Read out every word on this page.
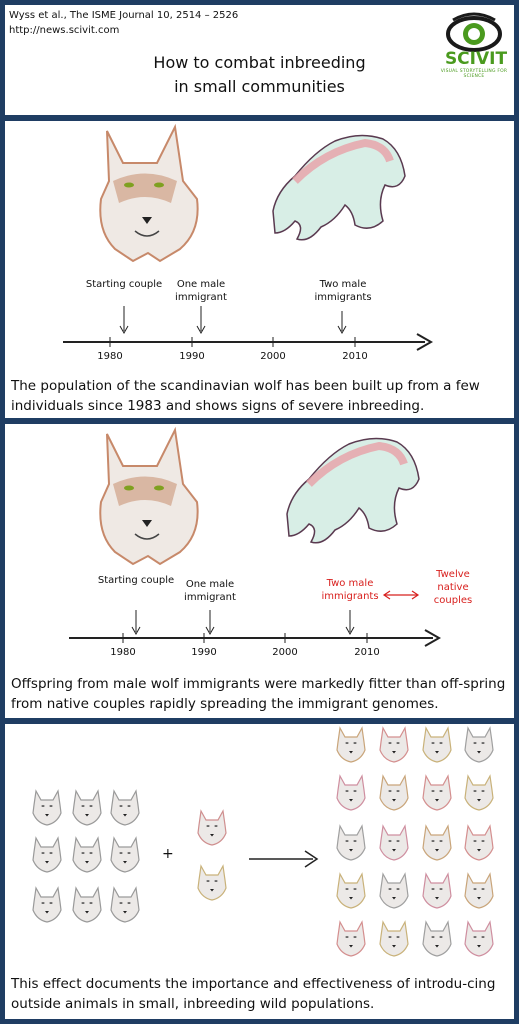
Wyss et al., The ISME Journal 10, 2514 – 2526
http://news.scivit.com
How to combat inbreeding
in small communities
SCIVIT
VISUAL STORYTELLING FOR SCIENCE
Starting couple	One male immigrant
Two male immigrants
1980	1990	2000	2010
The population of the scandinavian wolf has been built up from a few individuals since 1983 and shows signs of severe inbreeding.
Starting couple	One male immigrant
Two male immigrants
Twelve native couples
1980	1990	2000	2010
Offspring from male wolf immigrants were markedly fitter than off-spring from native couples rapidly spreading the immigrant genomes.
+
This effect documents the importance and effectiveness of introdu-cing outside animals in small, inbreeding wild populations.
